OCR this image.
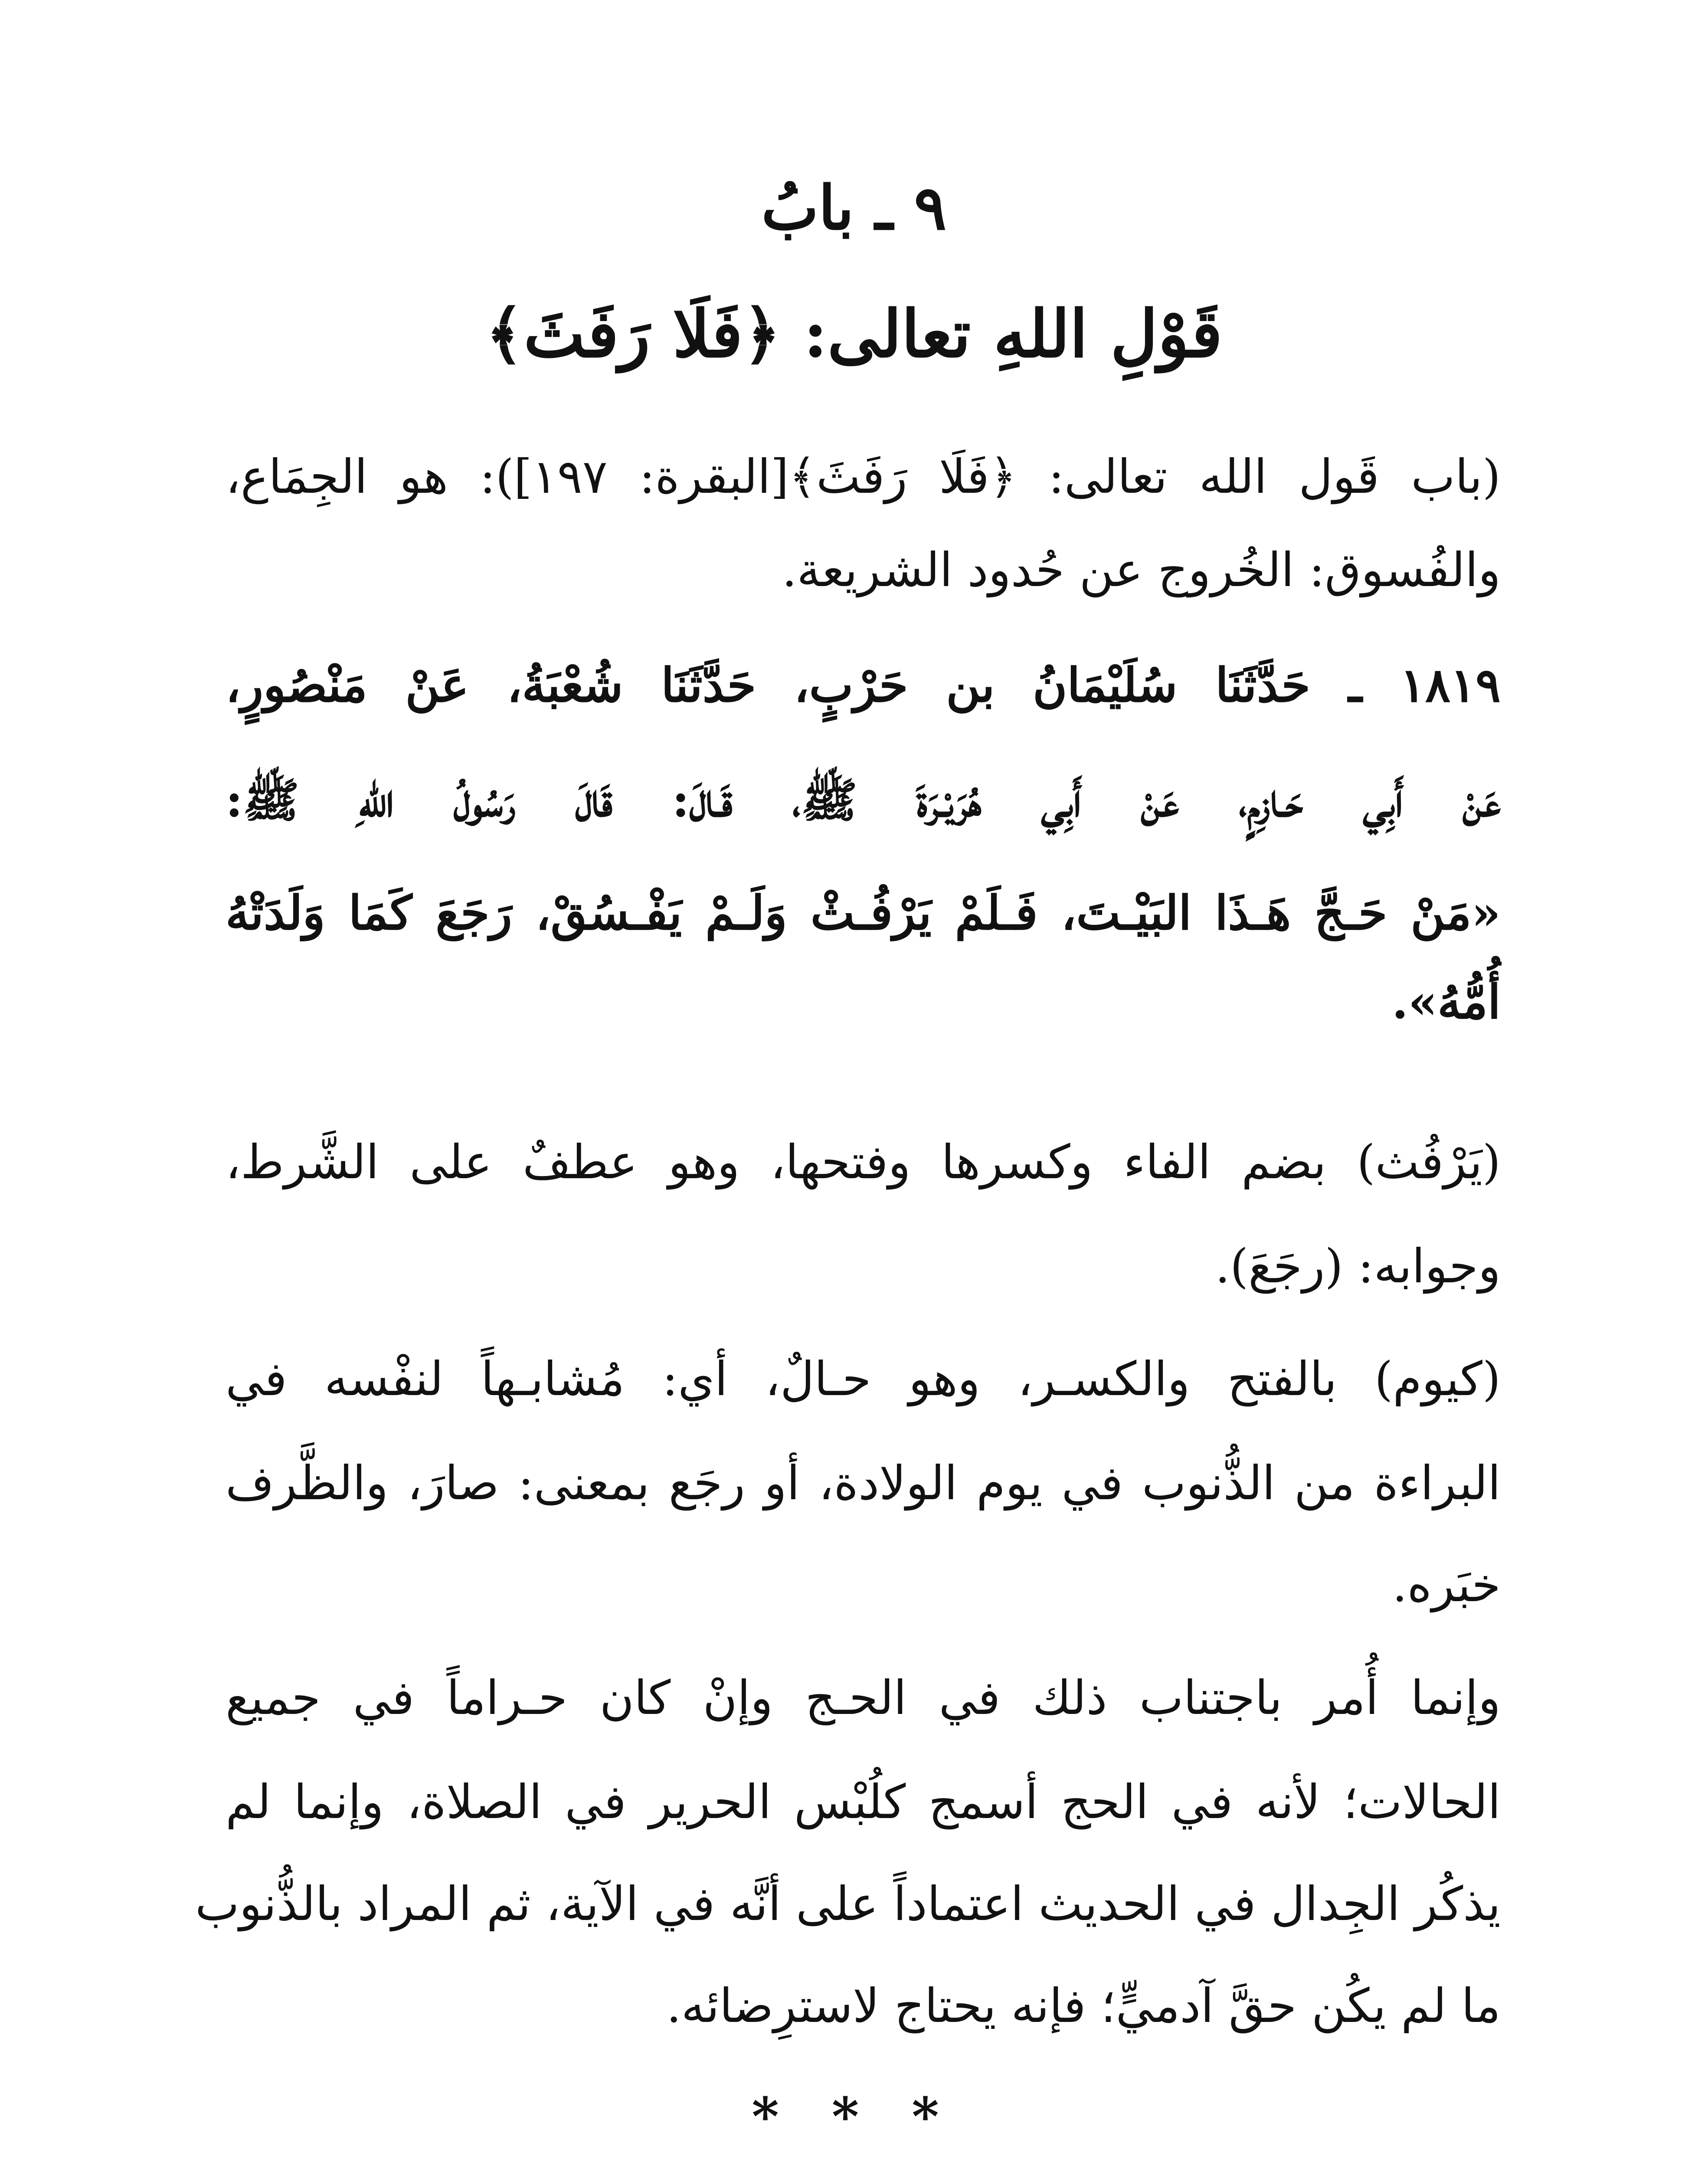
٩ ـ بابُ
قَوْلِ اللهِ تعالى: ﴿فَلَا رَفَثَ﴾
(باب قَول الله تعالى: ﴿فَلَا رَفَثَ﴾[البقرة: ١٩٧]): هو الجِمَاع،
والفُسوق: الخُروج عن حُدود الشريعة.
١٨١٩ ـ حَدَّثَنَا سُلَيْمَانُ بن حَرْبٍ، حَدَّثَنَا شُعْبَةُ، عَنْ مَنْصُورٍ،
عَنْ أَبِي حَـازِمٍ، عَنْ أَبِي هُرَيْـرَةَ ﷺ، قَـالَ: قَالَ رَسُولُ اللهِ ﷺ:
«مَنْ حَـجَّ هَـذَا البَيْـتَ، فَـلَمْ يَرْفُـثْ وَلَـمْ يَفْـسُقْ، رَجَعَ كَمَا وَلَدَتْهُ
أُمُّهُ».
(يَرْفُث) بضم الفاء وكسرها وفتحها، وهو عطفٌ على الشَّرط،
وجوابه: (رجَعَ).
(كيوم) بالفتح والكسـر، وهو حـالٌ، أي: مُشابـهاً لنفْسه في
البراءة من الذُّنوب في يوم الولادة، أو رجَع بمعنى: صارَ، والظَّرف
خبَره.
وإنما أُمر باجتناب ذلك في الحـج وإنْ كان حـراماً في جميع
الحالات؛ لأنه في الحج أسمج كلُبْس الحرير في الصلاة، وإنما لم
يذكُر الجِدال في الحديث اعتماداً على أنَّه في الآية، ثم المراد بالذُّنوب
ما لم يكُن حقَّ آدميٍّ؛ فإنه يحتاج لاسترِضائه.
* * *
